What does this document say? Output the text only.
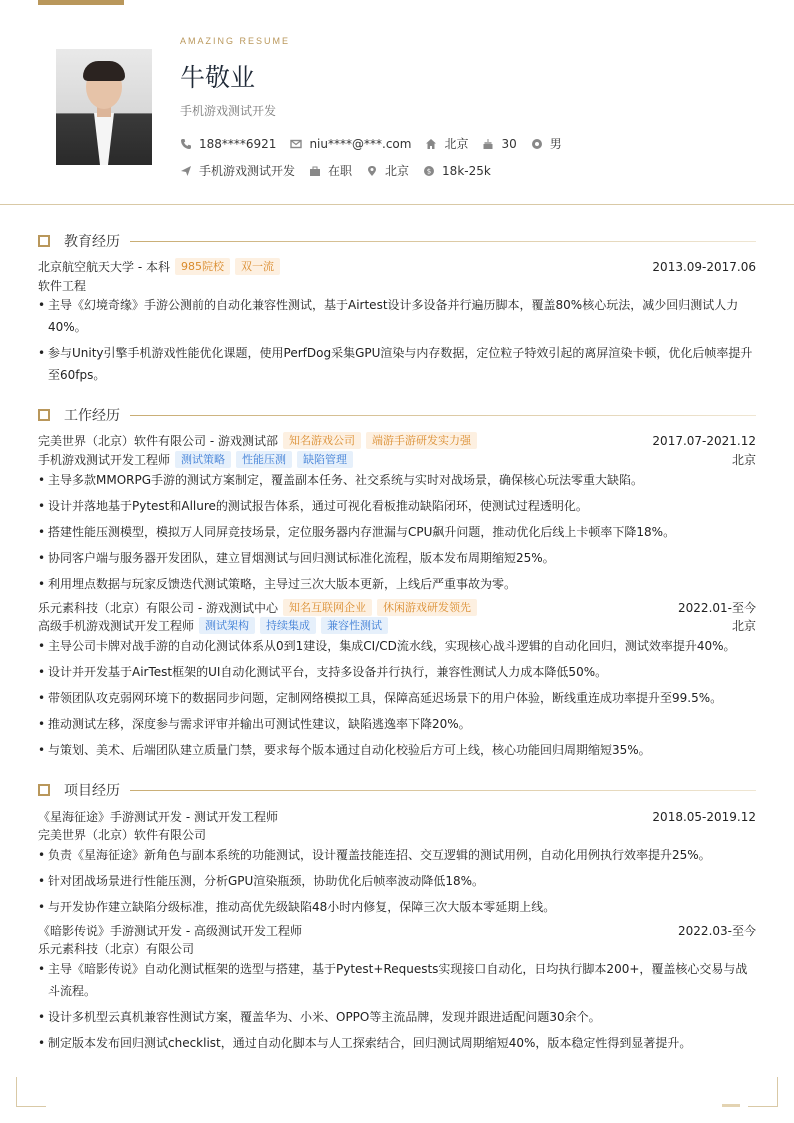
AMAZING RESUME
牛敬业
手机游戏测试开发
188****6921	niu****@***.com	北京	30	男
手机游戏测试开发	在职	北京	$ 18k-25k
教育经历
北京航空航天大学 - 本科	985院校	双一流	2013.09-2017.06
软件工程
• 主导《幻境奇缘》手游公测前的自动化兼容性测试，基于Airtest设计多设备并行遍历脚本，覆盖80%核心玩法，减少回归测试人力40%。
• 参与Unity引擎手机游戏性能优化课题，使用PerfDog采集GPU渲染与内存数据，定位粒子特效引起的离屏渲染卡顿，优化后帧率提升至60fps。
工作经历
完美世界（北京）软件有限公司 - 游戏测试部	知名游戏公司	端游手游研发实力强	2017.07-2021.12
手机游戏测试开发工程师	测试策略	性能压测	缺陷管理	北京
• 主导多款MMORPG手游的测试方案制定，覆盖副本任务、社交系统与实时对战场景，确保核心玩法零重大缺陷。
• 设计并落地基于Pytest和Allure的测试报告体系，通过可视化看板推动缺陷闭环，使测试过程透明化。
• 搭建性能压测模型，模拟万人同屏竞技场景，定位服务器内存泄漏与CPU飙升问题，推动优化后线上卡顿率下降18%。
• 协同客户端与服务器开发团队，建立冒烟测试与回归测试标准化流程，版本发布周期缩短25%。
• 利用埋点数据与玩家反馈迭代测试策略，主导过三次大版本更新，上线后严重事故为零。
乐元素科技（北京）有限公司 - 游戏测试中心	知名互联网企业	休闲游戏研发领先	2022.01-至今
高级手机游戏测试开发工程师	测试架构	持续集成	兼容性测试	北京
• 主导公司卡牌对战手游的自动化测试体系从0到1建设，集成CI/CD流水线，实现核心战斗逻辑的自动化回归，测试效率提升40%。
• 设计并开发基于AirTest框架的UI自动化测试平台，支持多设备并行执行，兼容性测试人力成本降低50%。
• 带领团队攻克弱网环境下的数据同步问题，定制网络模拟工具，保障高延迟场景下的用户体验，断线重连成功率提升至99.5%。
• 推动测试左移，深度参与需求评审并输出可测试性建议，缺陷逃逸率下降20%。
• 与策划、美术、后端团队建立质量门禁，要求每个版本通过自动化校验后方可上线，核心功能回归周期缩短35%。
项目经历
《星海征途》手游测试开发 - 测试开发工程师	2018.05-2019.12
完美世界（北京）软件有限公司
• 负责《星海征途》新角色与副本系统的功能测试，设计覆盖技能连招、交互逻辑的测试用例，自动化用例执行效率提升25%。
• 针对团战场景进行性能压测，分析GPU渲染瓶颈，协助优化后帧率波动降低18%。
• 与开发协作建立缺陷分级标准，推动高优先级缺陷48小时内修复，保障三次大版本零延期上线。
《暗影传说》手游测试开发 - 高级测试开发工程师	2022.03-至今
乐元素科技（北京）有限公司
• 主导《暗影传说》自动化测试框架的选型与搭建，基于Pytest+Requests实现接口自动化，日均执行脚本200+，覆盖核心交易与战斗流程。
• 设计多机型云真机兼容性测试方案，覆盖华为、小米、OPPO等主流品牌，发现并跟进适配问题30余个。
• 制定版本发布回归测试checklist，通过自动化脚本与人工探索结合，回归测试周期缩短40%，版本稳定性得到显著提升。
